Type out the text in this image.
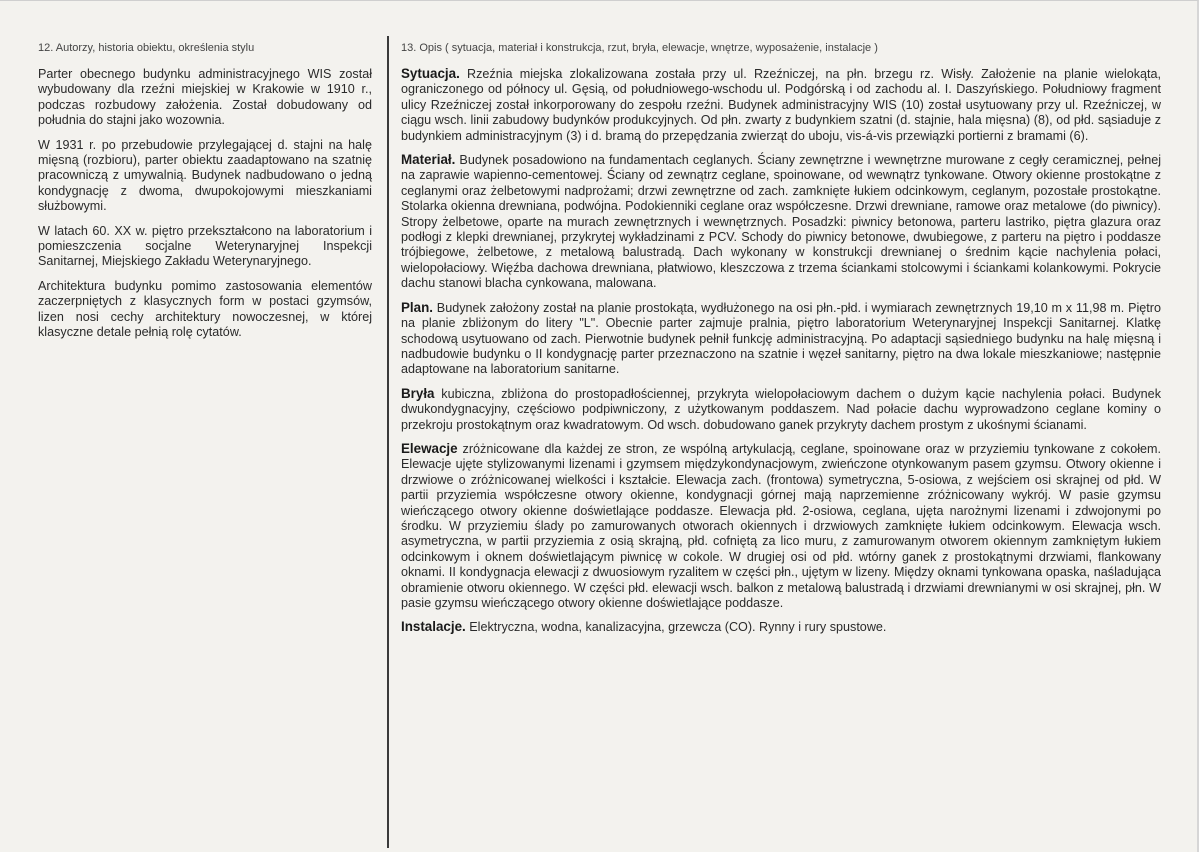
12. Autorzy, historia obiektu, określenia stylu

Parter obecnego budynku administracyjnego WIS został wybudowany dla rzeźni miejskiej w Krakowie w 1910 r., podczas rozbudowy założenia. Został dobudowany od południa do stajni jako wozownia.

W 1931 r. po przebudowie przylegającej d. stajni na halę mięsną (rozbioru), parter obiektu zaadaptowano na szatnię pracowniczą z umywalnią. Budynek nadbudowano o jedną kondygnację z dwoma, dwupokojowymi mieszkaniami służbowymi.

W latach 60. XX w. piętro przekształcono na laboratorium i pomieszczenia socjalne Weterynaryjnej Inspekcji Sanitarnej, Miejskiego Zakładu Weterynaryjnego.

Architektura budynku pomimo zastosowania elementów zaczerpniętych z klasycznych form w postaci gzymsów, lizen nosi cechy architektury nowoczesnej, w której klasyczne detale pełnią rolę cytatów.

13. Opis ( sytuacja, materiał i konstrukcja, rzut, bryła, elewacje, wnętrze, wyposażenie, instalacje )

Sytuacja. Rzeźnia miejska zlokalizowana została przy ul. Rzeźniczej, na płn. brzegu rz. Wisły. Założenie na planie wielokąta, ograniczonego od północy ul. Gęsią, od południowego-wschodu ul. Podgórską i od zachodu al. I. Daszyńskiego. Południowy fragment ulicy Rzeźniczej został inkorporowany do zespołu rzeźni. Budynek administracyjny WIS (10) został usytuowany przy ul. Rzeźniczej, w ciągu wsch. linii zabudowy budynków produkcyjnych. Od płn. zwarty z budynkiem szatni (d. stajnie, hala mięsna) (8), od płd. sąsiaduje z budynkiem administracyjnym (3) i d. bramą do przepędzania zwierząt do uboju, vis-á-vis przewiązki portierni z bramami (6).

Materiał. Budynek posadowiono na fundamentach ceglanych. Ściany zewnętrzne i wewnętrzne murowane z cegły ceramicznej, pełnej na zaprawie wapienno-cementowej. Ściany od zewnątrz ceglane, spoinowane, od wewnątrz tynkowane. Otwory okienne prostokątne z ceglanymi oraz żelbetowymi nadprożami; drzwi zewnętrzne od zach. zamknięte łukiem odcinkowym, ceglanym, pozostałe prostokątne. Stolarka okienna drewniana, podwójna. Podokienniki ceglane oraz współczesne. Drzwi drewniane, ramowe oraz metalowe (do piwnicy). Stropy żelbetowe, oparte na murach zewnętrznych i wewnętrznych. Posadzki: piwnicy betonowa, parteru lastriko, piętra glazura oraz podłogi z klepki drewnianej, przykrytej wykładzinami z PCV. Schody do piwnicy betonowe, dwubiegowe, z parteru na piętro i poddasze trójbiegowe, żelbetowe, z metalową balustradą. Dach wykonany w konstrukcji drewnianej o średnim kącie nachylenia połaci, wielopołaciowy. Więźba dachowa drewniana, płatwiowo, kleszczowa z trzema ściankami stolcowymi i ściankami kolankowymi. Pokrycie dachu stanowi blacha cynkowana, malowana.

Plan. Budynek założony został na planie prostokąta, wydłużonego na osi płn.-płd. i wymiarach zewnętrznych 19,10 m x 11,98 m. Piętro na planie zbliżonym do litery "L". Obecnie parter zajmuje pralnia, piętro laboratorium Weterynaryjnej Inspekcji Sanitarnej. Klatkę schodową usytuowano od zach. Pierwotnie budynek pełnił funkcję administracyjną. Po adaptacji sąsiedniego budynku na halę mięsną i nadbudowie budynku o II kondygnację parter przeznaczono na szatnie i węzeł sanitarny, piętro na dwa lokale mieszkaniowe; następnie adaptowane na laboratorium sanitarne.

Bryła kubiczna, zbliżona do prostopadłościennej, przykryta wielopołaciowym dachem o dużym kącie nachylenia połaci. Budynek dwukondygnacyjny, częściowo podpiwniczony, z użytkowanym poddaszem. Nad połacie dachu wyprowadzono ceglane kominy o przekroju prostokątnym oraz kwadratowym. Od wsch. dobudowano ganek przykryty dachem prostym z ukośnymi ścianami.

Elewacje zróżnicowane dla każdej ze stron, ze wspólną artykulacją, ceglane, spoinowane oraz w przyziemiu tynkowane z cokołem. Elewacje ujęte stylizowanymi lizenami i gzymsem międzykondynacjowym, zwieńczone otynkowanym pasem gzymsu. Otwory okienne i drzwiowe o zróżnicowanej wielkości i kształcie. Elewacja zach. (frontowa) symetryczna, 5-osiowa, z wejściem osi skrajnej od płd. W partii przyziemia współczesne otwory okienne, kondygnacji górnej mają naprzemienne zróżnicowany wykrój. W pasie gzymsu wieńczącego otwory okienne doświetlające poddasze. Elewacja płd. 2-osiowa, ceglana, ujęta narożnymi lizenami i zdwojonymi po środku. W przyziemiu ślady po zamurowanych otworach okiennych i drzwiowych zamknięte łukiem odcinkowym. Elewacja wsch. asymetryczna, w partii przyziemia z osią skrajną, płd. cofniętą za lico muru, z zamurowanym otworem okiennym zamkniętym łukiem odcinkowym i oknem doświetlającym piwnicę w cokole. W drugiej osi od płd. wtórny ganek z prostokątnymi drzwiami, flankowany oknami. II kondygnacja elewacji z dwuosiowym ryzalitem w części płn., ujętym w lizeny. Między oknami tynkowana opaska, naśladująca obramienie otworu okiennego. W części płd. elewacji wsch. balkon z metalową balustradą i drzwiami drewnianymi w osi skrajnej, płn. W pasie gzymsu wieńczącego otwory okienne doświetlające poddasze.

Instalacje. Elektryczna, wodna, kanalizacyjna, grzewcza (CO). Rynny i rury spustowe.
